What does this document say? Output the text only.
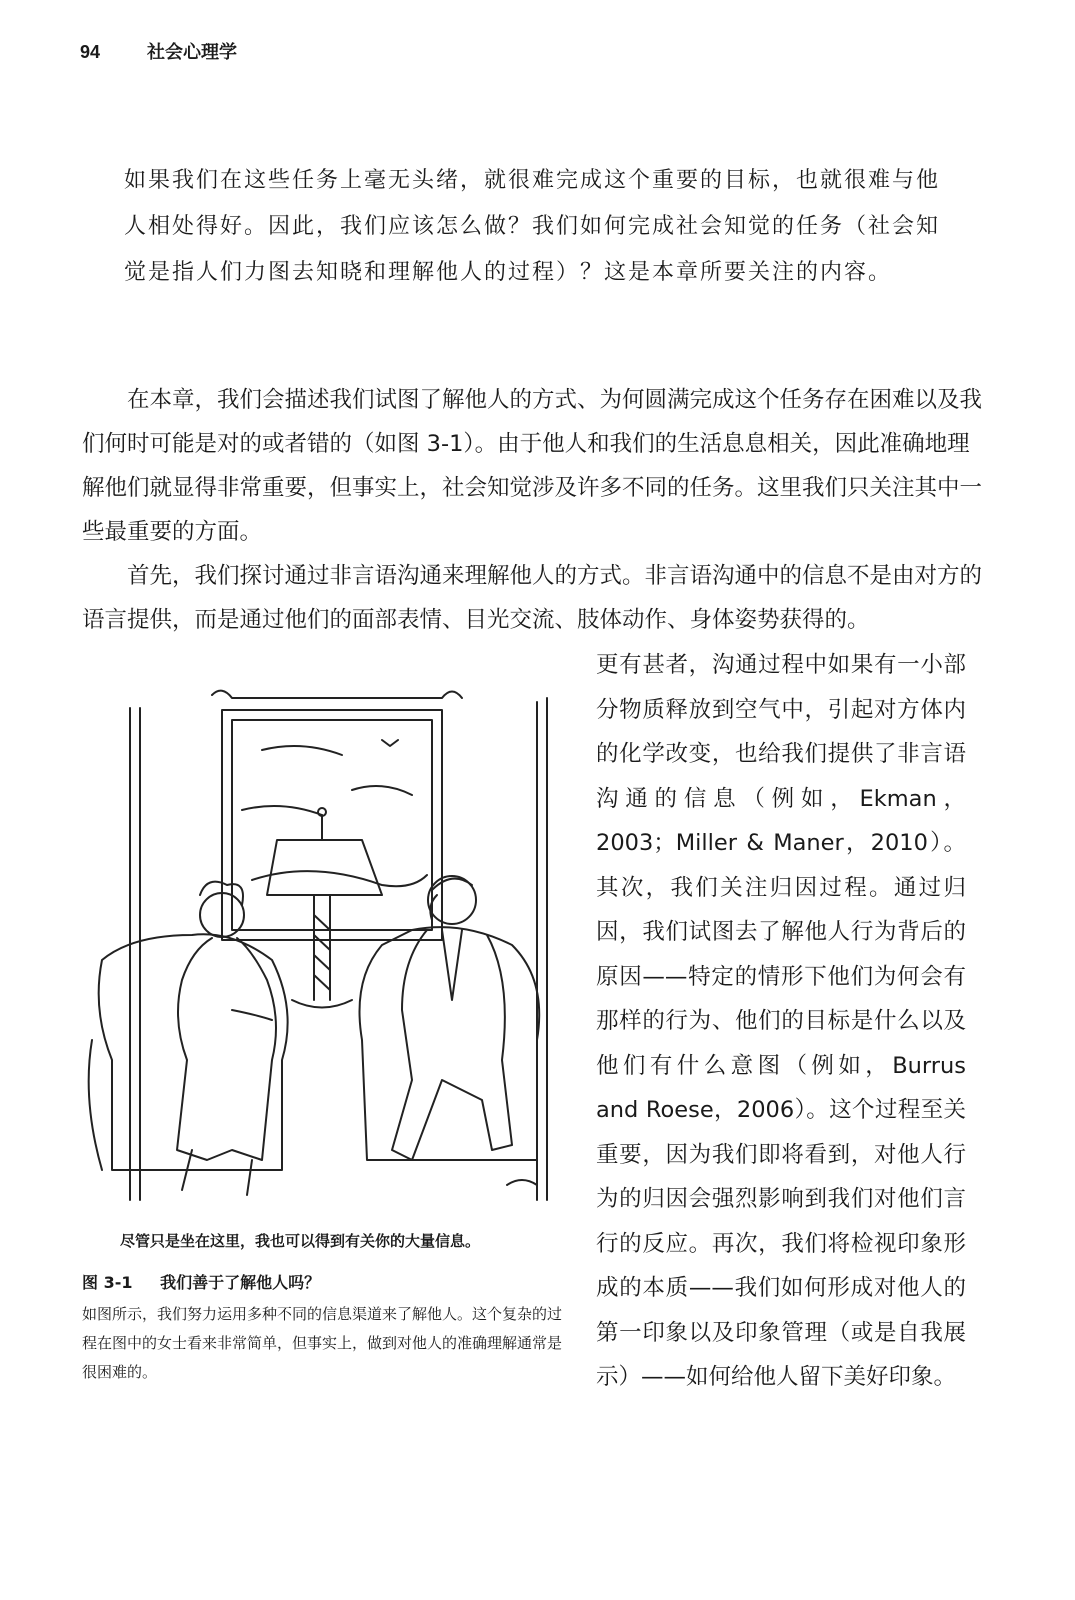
94	社会心理学
如果我们在这些任务上毫无头绪，就很难完成这个重要的目标，也就很难与他人相处得好。因此，我们应该怎么做？我们如何完成社会知觉的任务（社会知觉是指人们力图去知晓和理解他人的过程）？这是本章所要关注的内容。
在本章，我们会描述我们试图了解他人的方式、为何圆满完成这个任务存在困难以及我们何时可能是对的或者错的（如图 3-1）。由于他人和我们的生活息息相关，因此准确地理解他们就显得非常重要，但事实上，社会知觉涉及许多不同的任务。这里我们只关注其中一些最重要的方面。
首先，我们探讨通过非言语沟通来理解他人的方式。非言语沟通中的信息不是由对方的语言提供，而是通过他们的面部表情、目光交流、肢体动作、身体姿势获得的。
更有甚者，沟通过程中如果有一小部分物质释放到空气中，引起对方体内的化学改变，也给我们提供了非言语沟通的信息（例如，Ekman，2003；Miller & Maner，2010）。其次，我们关注归因过程。通过归因，我们试图去了解他人行为背后的原因——特定的情形下他们为何会有那样的行为、他们的目标是什么以及他们有什么意图（例如，Burrus and Roese，2006）。这个过程至关重要，因为我们即将看到，对他人行为的归因会强烈影响到我们对他们言行的反应。再次，我们将检视印象形成的本质——我们如何形成对他人的第一印象以及印象管理（或是自我展示）——如何给他人留下美好印象。
尽管只是坐在这里，我也可以得到有关你的大量信息。
图 3-1 我们善于了解他人吗？
如图所示，我们努力运用多种不同的信息渠道来了解他人。这个复杂的过程在图中的女士看来非常简单，但事实上，做到对他人的准确理解通常是很困难的。
